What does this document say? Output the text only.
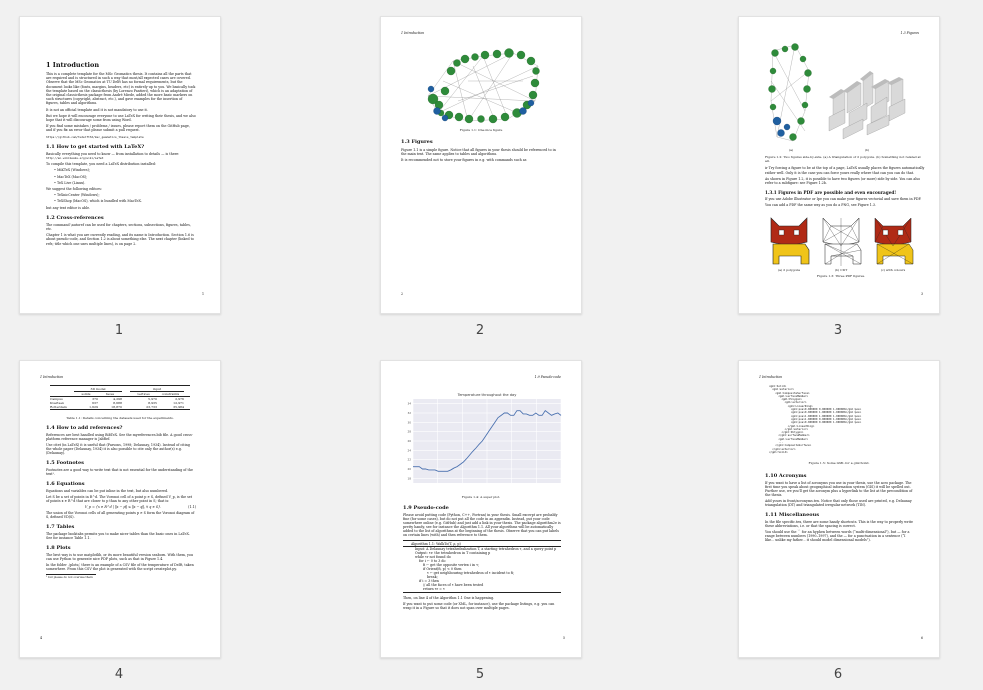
1 Introduction
This is a complete template for the MSc Geomatics thesis. It contains all the parts that are required and is structured in such a way that most/all expected cases are covered. Observe that the MSc Geomatics at TU Delft has no formal requirements, but the document looks like (fonts, margins, headers, etc) is entirely up to you. We basically took the template based on the classicthesis (by Lorenzo Pantieri), which is an adaptation of the original classicthesis package from André Miede, added the more basic markers on such structures (copyright, abstract, etc.), and gave examples for the insertion of figures, tables and algorithms.
It is not an official template and it is not mandatory to use it.
But we hope it will encourage everyone to use LaTeX for writing their thesis, and we also hope that it will discourage some from using Word.
If you find some mistakes / problems / issues, please report them on the GitHub page, and if you fix an error that please submit a pull request.
https://github.com/tudelft3d/msc_geomatics_thesis_template
1.1 How to get started with LaTeX?
Basically everything you need to know — from installation to details — is there:
http://en.wikibooks.org/wiki/LaTeX
To compile this template, you need a LaTeX distribution installed:
• MiKTeX (Windows);
• MacTeX (MacOS);
• TeX Live (Linux).
We suggest the following editors:
• TeXnicCenter (Windows);
• TeXShop (MacOS), which is bundled with MacTeX.
but any text editor is able.
1.2 Cross-references
The command \autoref can be used for chapters, sections, subsections, figures, tables, etc.
Chapter 1 is what you are currently reading, and its name is Introduction. Section 1.6 is about pseudo-code, and Section 1.2 is about something else. The next chapter (linked to refs; title which one uses multiple lines), is on page 2.
1
1
1 Introduction
Figure 1.1: One nice figure
1.3 Figures
Figure 1.1 is a simple figure. Notice that all figures in your thesis should be referenced to in the main text. The same applies to tables and algorithms.
It is recommended not to store your figures in e.g. with commands such as
2
2
1.3 Figures
(a)	(b)
Figure 1.2: Two figures side-by-side. (a) A triangulation of 2 polygons. (b) Something not related at all.
ir Try forcing a figure to be at the top of a page, LaTeX usually places the figures automatically rather well. Only it is the case you can force yours really where that can you can do that.
As shown in Figure 1.2, it is possible to have two figures (or more) side by side. You can also refer to a subfigure: see Figure 1.2b.
1.3.1 Figures in PDF are possible and even encouraged!
If you use Adobe Illustrator or Ipe you can make your figures vectorial and save them in PDF.
You can add a PDF the same way as you do a PNG, see Figure 1.3.
(a) 2 polygons	(b) CDT	(c) with colours
Figure 1.3: Three PDF figures.
3
3
1 Introduction
3D model	input
solids	faces	vertices	constraints
Campus	370	4,298	5,970	2,976
Kvartsen	637	8,688	8,935	12,971
Rotterdam	1,629	18,870	23,733	35,984
Table 1.1: Details concerning the datasets used for the experiments.
1.4 How to add references?
References are best handled using BibTeX. See the myreferences.bib file. A good cross-platform reference manager is JabRef.
Use citet (in LaTeX) it is useful that (Parsons, 1998; Delaunay, 1934). Instead of citing the whole paper (Delaunay, 1934) it is also possible to cite only the author(s) e.g. (Delaunay).
1.5 Footnotes
Footnotes are a good way to write text that is not essential for the understanding of the text¹.
1.6 Equations
Equations and variables can be put inline in the text, but also numbered.
Let S be a set of points in R^d. The Voronoi cell of a point p ∈ S, defined V_p, is the set of points x ∈ R^d that are closer to p than to any other point in S; that is:
V_p = {x ∈ R^d | ‖x − p‖ ≤ ‖x − q‖, ∀ q ∈ S}.	(1.1)
The union of the Voronoi cells of all generating points p ∈ S form the Voronoi diagram of S, defined VD(S).
1.7 Tables
The package booktabs permits you to make nicer tables than the basic ones in LaTeX. See for instance Table 1.1.
1.8 Plots
The best way is to use matplotlib, or its more beautiful version seaborn. With them, you can use Python to generate nice PDF plots, such as that in Figure 1.4.
In the folder ./plots/, there is an example of a CSV file of the temperature of Delft, taken somewhere. From this CSV the plot is generated with the script createplot.py.
¹ but please do not overuse them
4
4
1.9 Pseudo-code
18
20
22
24
26
28
30
32
34
Temperature throughout the day
Figure 1.4: A super plot.
1.9 Pseudo-code
Please avoid putting code (Python, C++, Fortran) in your thesis. Small excerpt are probably fine (for some cases), but do not put all the code in an appendix. Instead, put your code somewhere online (e.g. GitHub) and just add a link in your thesis. The package algorithm2e is pretty handy, see for instance the Algorithm 1.1. All your algorithms will be automatically added to the list of algorithms at the beginning of the thesis. Observe that you can put labels on certain lines (with) and then reference to them.
Algorithm 1.1: WalkTo(T, ρ, p)
Input: A Delaunay tetrahedralization T, a starting tetrahedron τ, and a query point p
Output: τr: the tetrahedron in T containing p
while τr not found do
for i ← 0 to 3 do
fi ← get the opposite vertex i in τ;
if Orient(fi, p) < 0 then
τ ← get neighbouring tetrahedron of τ incident to fi;
break;
if i = 3 then
// all the faces of τ have been tested
return τr = τ
Then, on line 4 of the Algorithm 1.1 One is happening.
If you want to put some code (or XML, for instance), use the package listings, e.g. you can wrap it in a Figure so that it does not span over multiple pages.
5
5
1 Introduction
<gml:Solid>
<gml:exterior>
<gml:CompositeSurface>
<gml:surfaceMember>
<gml:Polygon>
<gml:exterior>
<gml:LinearRing>
<gml:pos>0.000000 0.000000 1.000000</gml:pos>
<gml:pos>0.000000 1.000000 1.000000</gml:pos>
<gml:pos>1.000000 1.000000 1.000000</gml:pos>
<gml:pos>1.000000 0.000000 1.000000</gml:pos>
<gml:pos>0.000000 0.000000 1.000000</gml:pos>
</gml:LinearRing>
</gml:exterior>
</gml:Polygon>
</gml:surfaceMember>
<gml:surfaceMember>
...
</gml:CompositeSurface>
</gml:exterior>
</gml:Solid>
Figure 1.5: Some GML for a gml:Solid.
1.10 Acronyms
If you want to have a list of acronyms you use in your thesis, use the acro package. The first time you speak about geographical information system (GIS) it will be spelled out. Further use, we you'll get the acronym plus a hyperlink to the list at the precondition of the thesis.
Add yours in front/acronyms.tex. Notice that only those used are printed, e.g. Delaunay triangulation (DT) and triangulated irregular network (TIN).
1.11 Miscellaneous
In the file specific.tex, there are some handy shortcuts. This is the way to properly write these abbreviations, i.e. or that the spacing is correct.
You should use the `` for an hyphen between words (“multi-dimensional”), but — for a range between numbers (1990–1997), and the — for a punctuation in a sentence (“I like... unlike my father... it should model dimensional models”).
6
6
